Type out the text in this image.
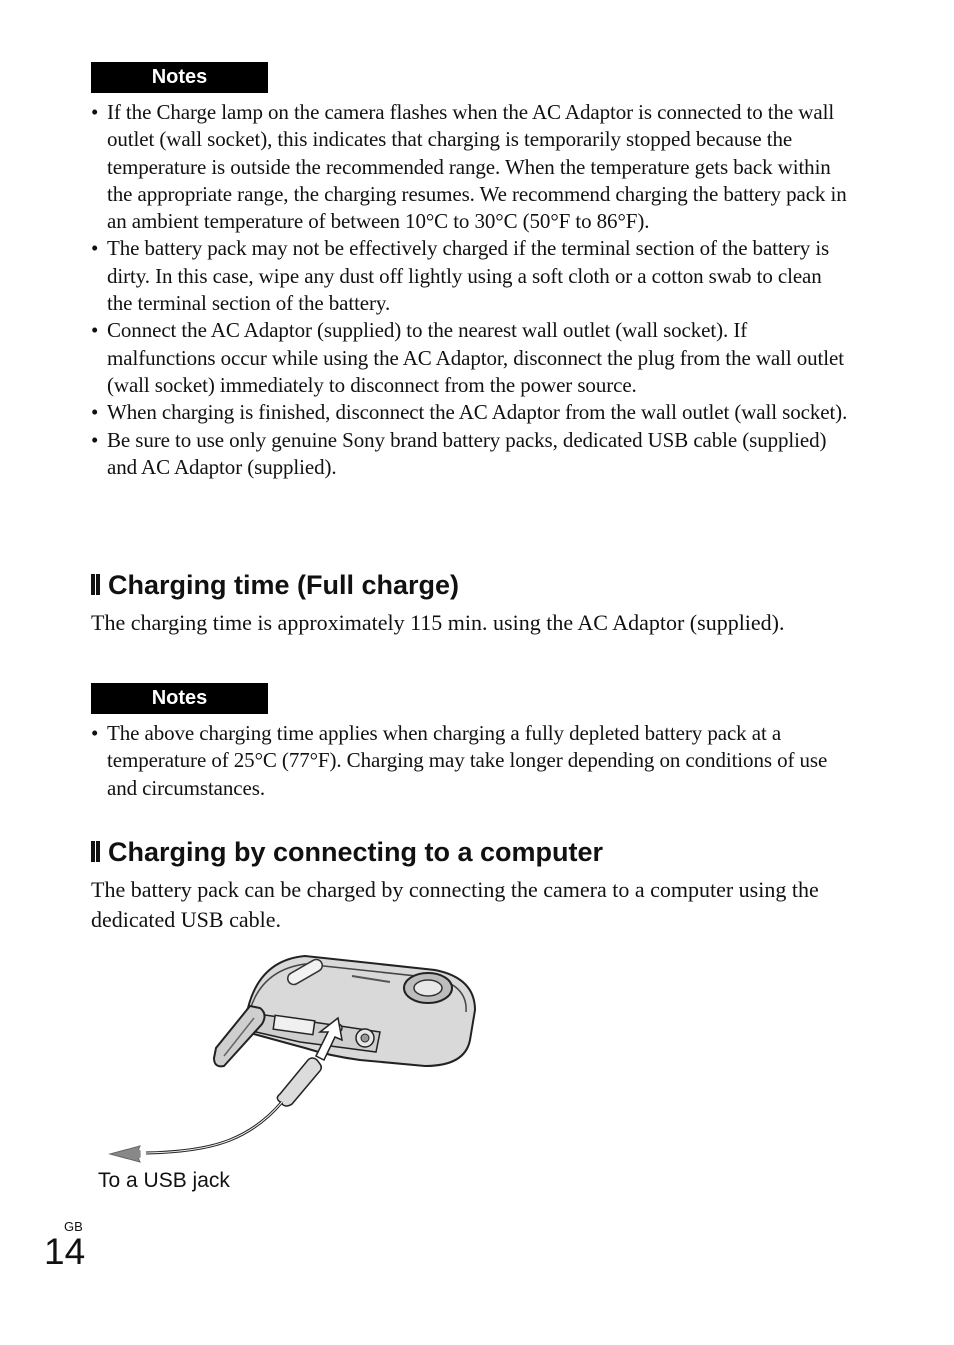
Notes
• If the Charge lamp on the camera flashes when the AC Adaptor is connected to the wall outlet (wall socket), this indicates that charging is temporarily stopped because the temperature is outside the recommended range. When the temperature gets back within the appropriate range, the charging resumes. We recommend charging the battery pack in an ambient temperature of between 10°C to 30°C (50°F to 86°F).
• The battery pack may not be effectively charged if the terminal section of the battery is dirty. In this case, wipe any dust off lightly using a soft cloth or a cotton swab to clean the terminal section of the battery.
• Connect the AC Adaptor (supplied) to the nearest wall outlet (wall socket). If malfunctions occur while using the AC Adaptor, disconnect the plug from the wall outlet (wall socket) immediately to disconnect from the power source.
• When charging is finished, disconnect the AC Adaptor from the wall outlet (wall socket).
• Be sure to use only genuine Sony brand battery packs, dedicated USB cable (supplied) and AC Adaptor (supplied).
Charging time (Full charge)

The charging time is approximately 115 min. using the AC Adaptor (supplied).

Notes
• The above charging time applies when charging a fully depleted battery pack at a temperature of 25°C (77°F). Charging may take longer depending on conditions of use and circumstances.
Charging by connecting to a computer

The battery pack can be charged by connecting the camera to a computer using the dedicated USB cable.

To a USB jack
GB
14
